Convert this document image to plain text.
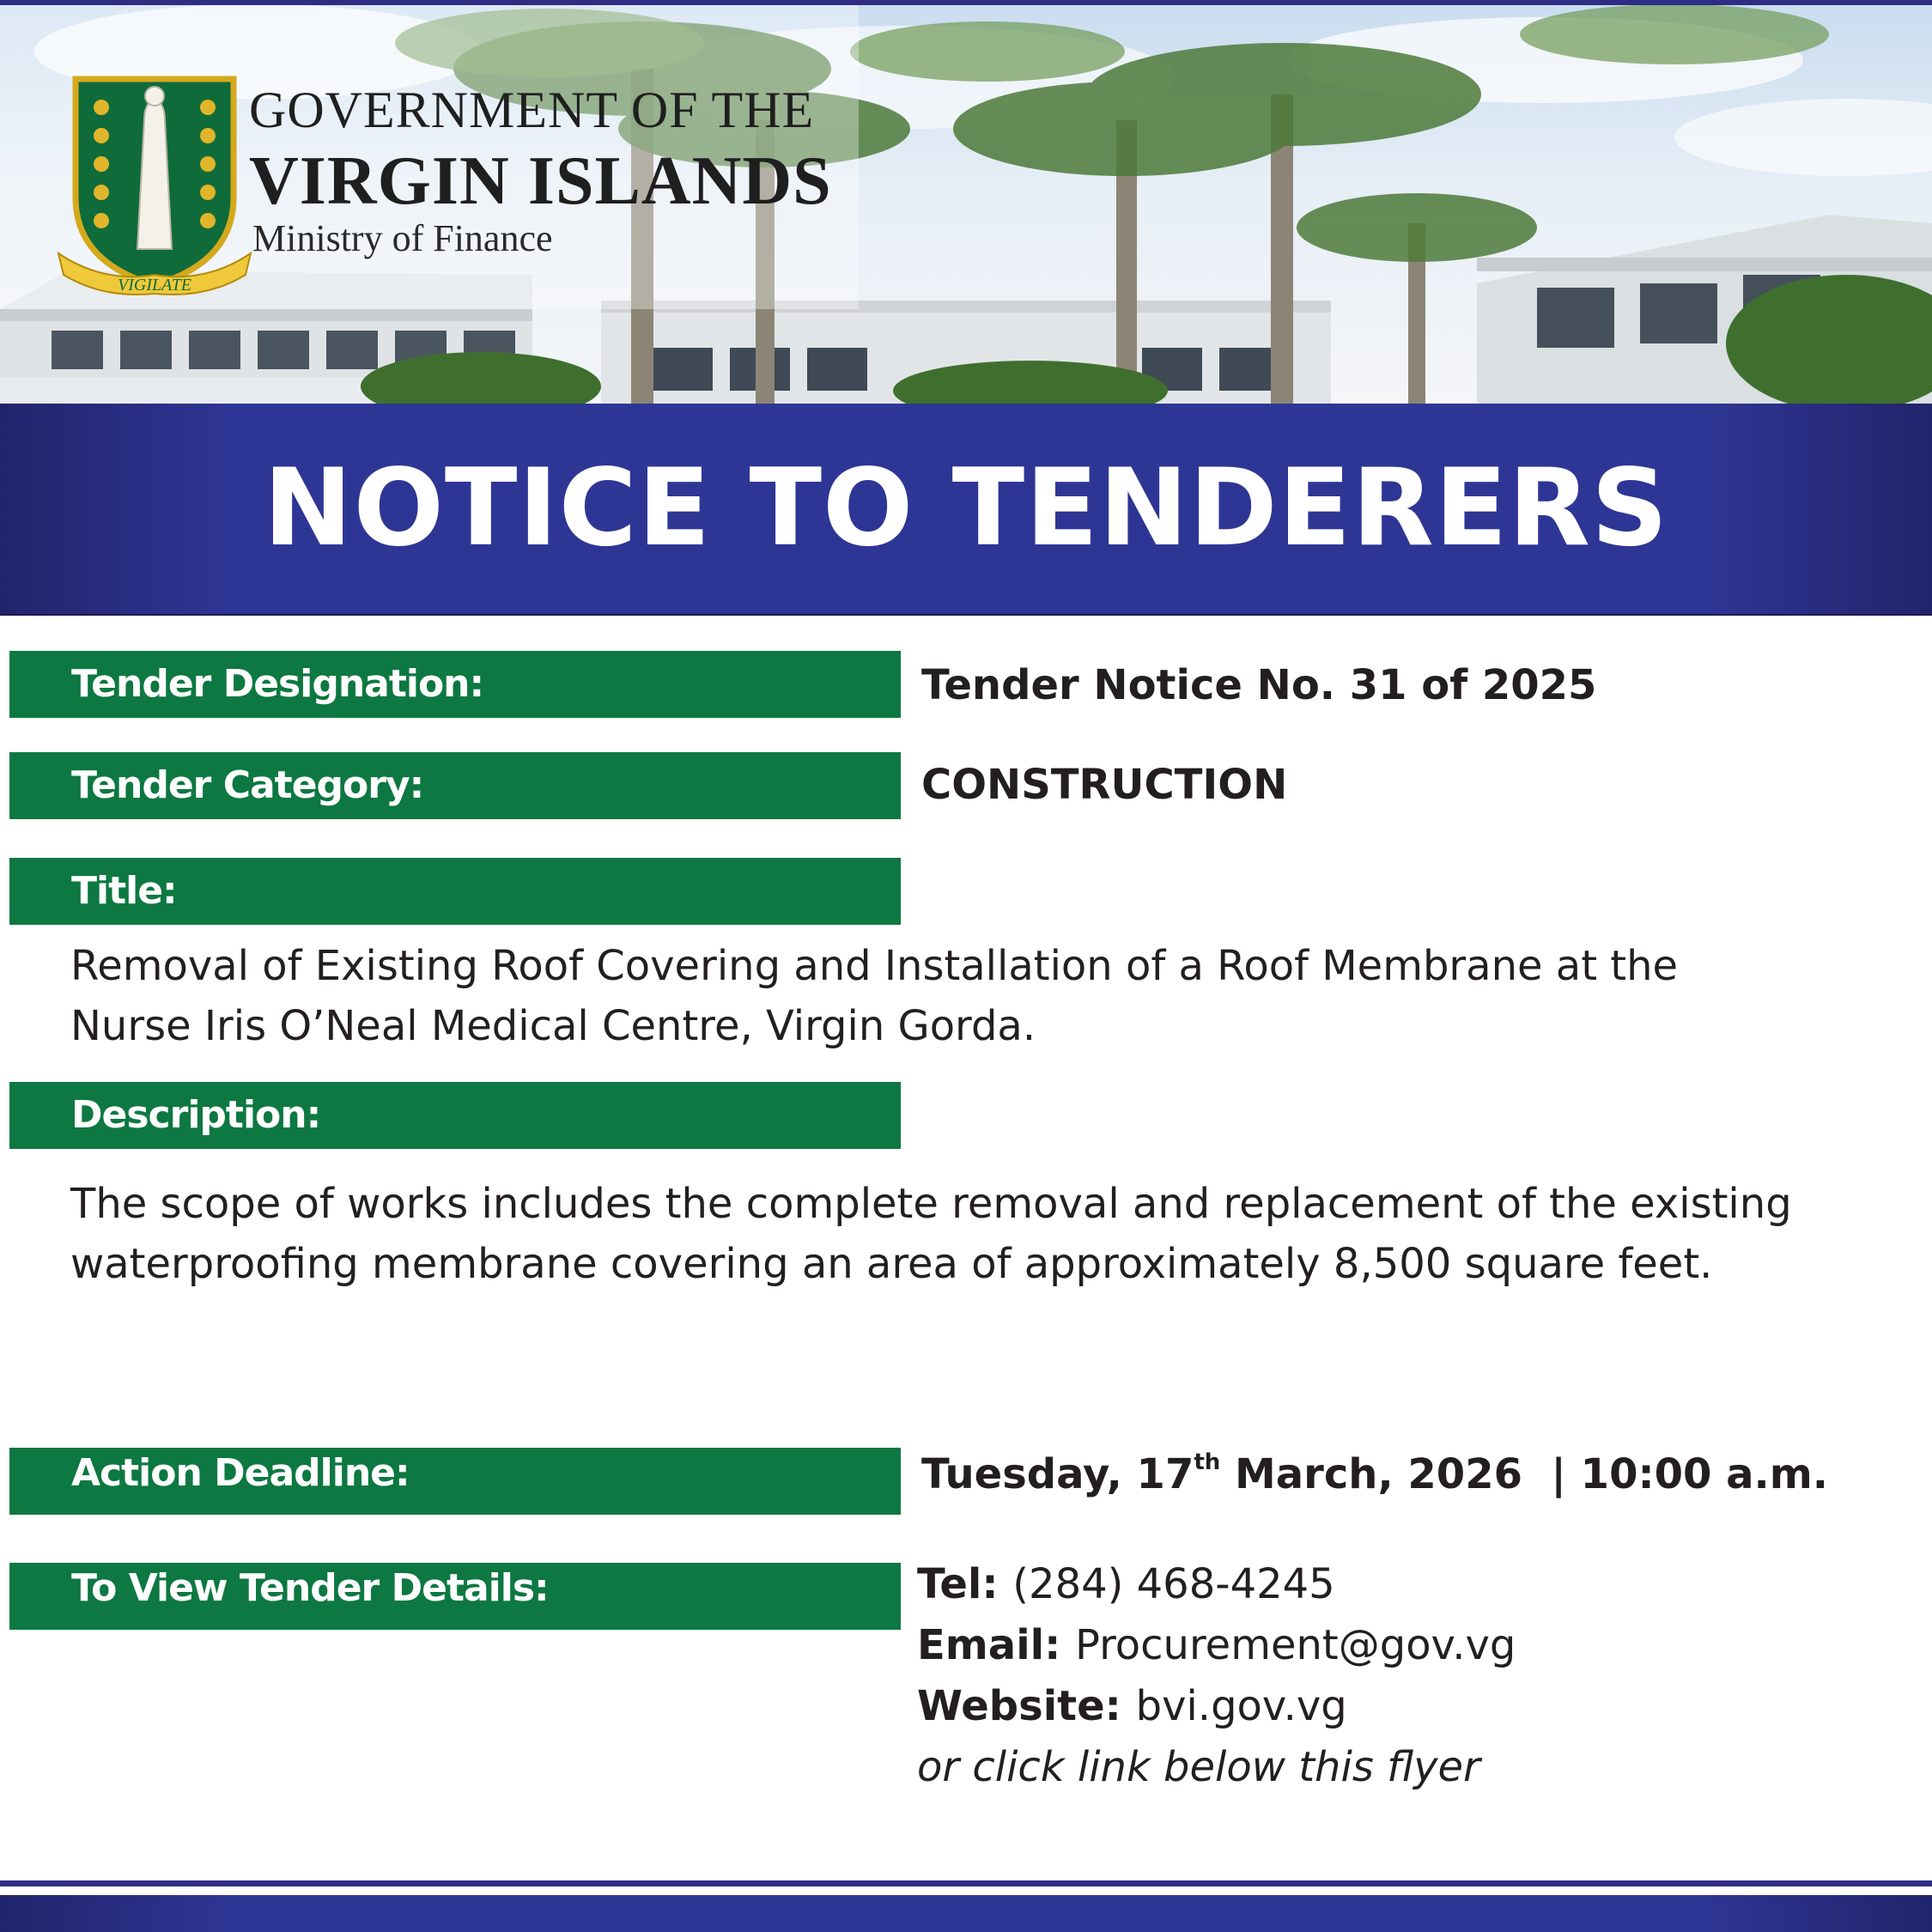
VIGILATE
GOVERNMENT OF THE
VIRGIN ISLANDS
Ministry of Finance
NOTICE TO TENDERERS
Tender Designation:	Tender Notice No. 31 of 2025
Tender Category:	CONSTRUCTION
Title:
Removal of Existing Roof Covering and Installation of a Roof Membrane at the
Nurse Iris O’Neal Medical Centre, Virgin Gorda.
Description:
The scope of works includes the complete removal and replacement of the existing
waterproofing membrane covering an area of approximately 8,500 square feet.
Action Deadline:	Tuesday, 17th March, 2026  | 10:00 a.m.
To View Tender Details:	Tel: (284) 468-4245
Email: Procurement@gov.vg
Website: bvi.gov.vg
or click link below this flyer
